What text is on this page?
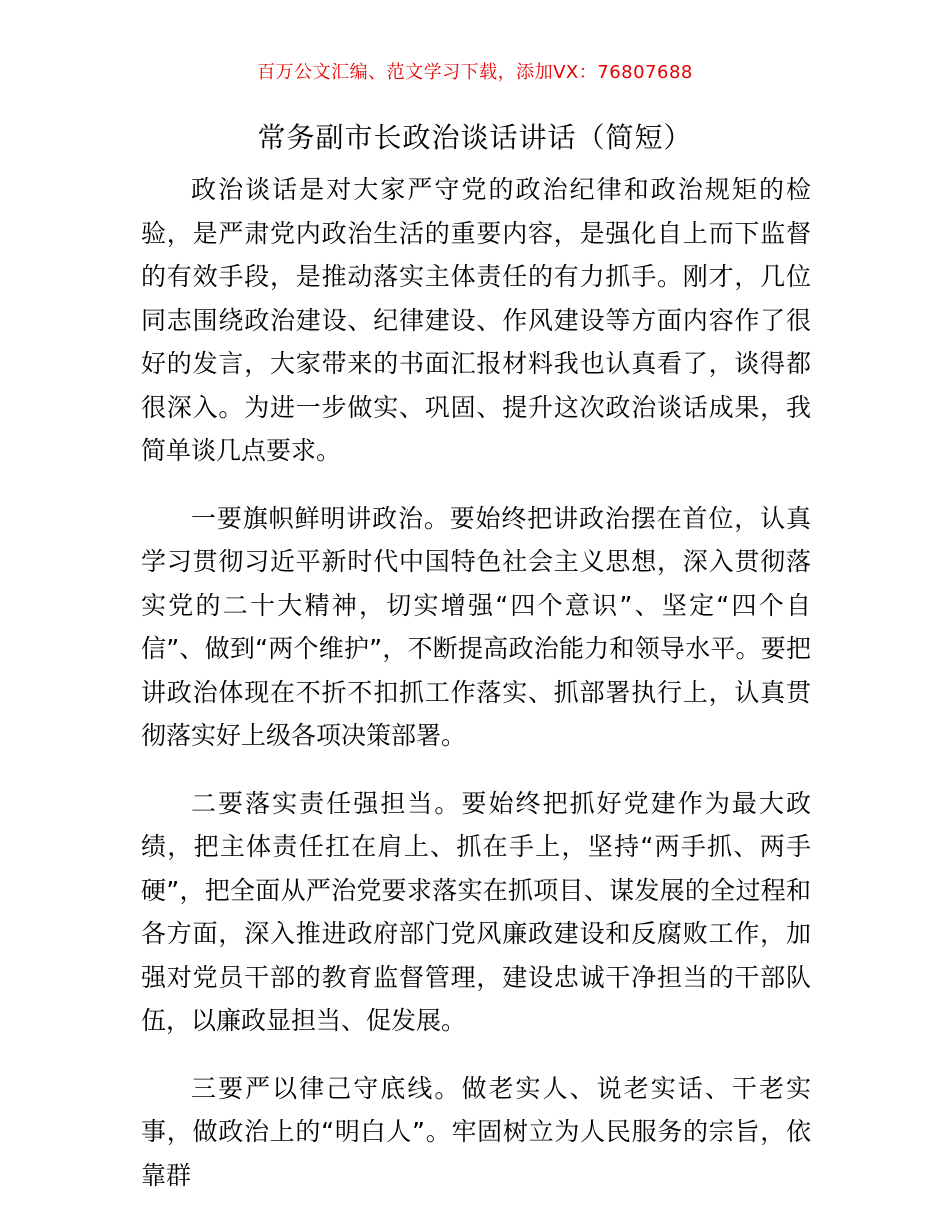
百万公文汇编、范文学习下载，添加VX：76807688
常务副市长政治谈话讲话（简短）

政治谈话是对大家严守党的政治纪律和政治规矩的检验，是严肃党内政治生活的重要内容，是强化自上而下监督的有效手段，是推动落实主体责任的有力抓手。刚才，几位同志围绕政治建设、纪律建设、作风建设等方面内容作了很好的发言，大家带来的书面汇报材料我也认真看了，谈得都很深入。为进一步做实、巩固、提升这次政治谈话成果，我简单谈几点要求。

一要旗帜鲜明讲政治。要始终把讲政治摆在首位，认真学习贯彻习近平新时代中国特色社会主义思想，深入贯彻落实党的二十大精神，切实增强“四个意识”、坚定“四个自信”、做到“两个维护”，不断提高政治能力和领导水平。要把讲政治体现在不折不扣抓工作落实、抓部署执行上，认真贯彻落实好上级各项决策部署。

二要落实责任强担当。要始终把抓好党建作为最大政绩，把主体责任扛在肩上、抓在手上，坚持“两手抓、两手硬”，把全面从严治党要求落实在抓项目、谋发展的全过程和各方面，深入推进政府部门党风廉政建设和反腐败工作，加强对党员干部的教育监督管理，建设忠诚干净担当的干部队伍，以廉政显担当、促发展。

三要严以律己守底线。做老实人、说老实话、干老实事，做政治上的“明白人”。牢固树立为人民服务的宗旨，依靠群
